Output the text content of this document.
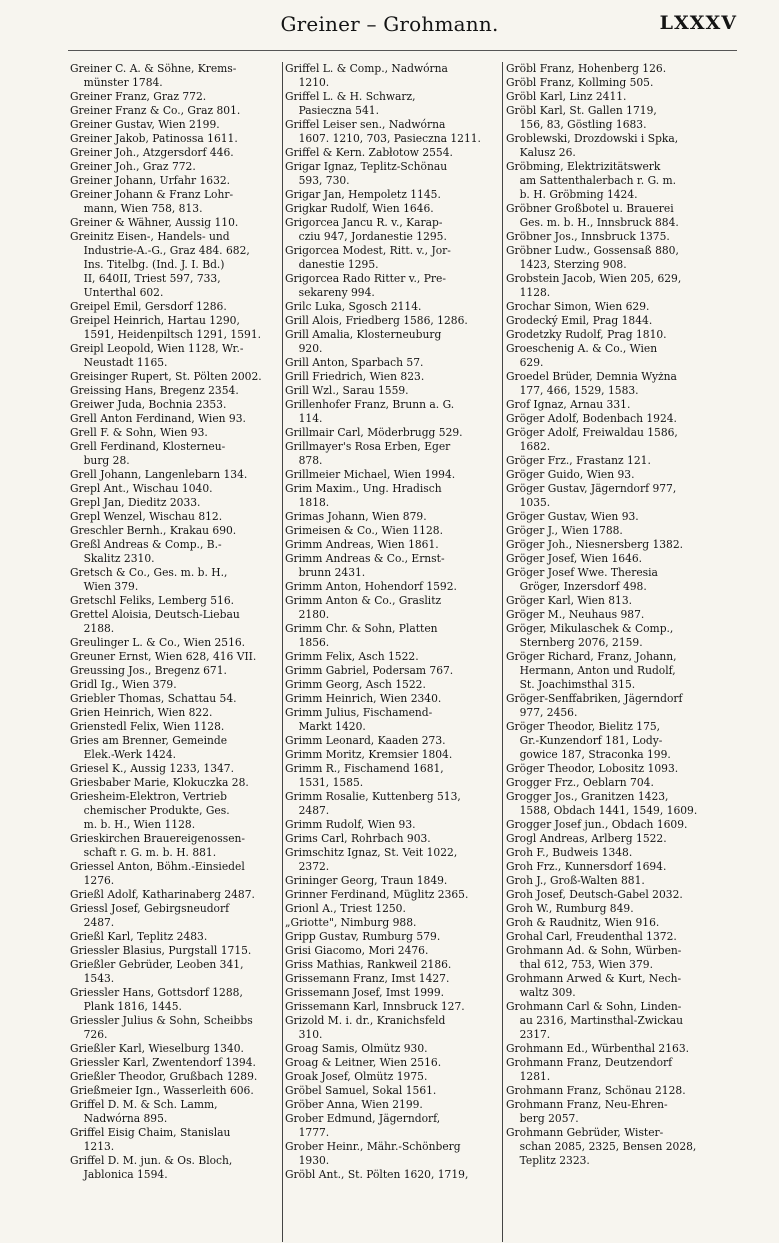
Greiner – Grohmann.	LXXXV
Greiner C. A. & Söhne, Krems-
münster 1784.
Greiner Franz, Graz 772.
Greiner Franz & Co., Graz 801.
Greiner Gustav, Wien 2199.
Greiner Jakob, Patinossa 1611.
Greiner Joh., Atzgersdorf 446.
Greiner Joh., Graz 772.
Greiner Johann, Urfahr 1632.
Greiner Johann & Franz Lohr-
mann, Wien 758, 813.
Greiner & Wähner, Aussig 110.
Greinitz Eisen-, Handels- und
Industrie-A.-G., Graz 484. 682,
Ins. Titelbg. (Ind. J. I. Bd.)
II, 640II, Triest 597, 733,
Unterthal 602.
Greipel Emil, Gersdorf 1286.
Greipel Heinrich, Hartau 1290,
1591, Heidenpiltsch 1291, 1591.
Greipl Leopold, Wien 1128, Wr.-
Neustadt 1165.
Greisinger Rupert, St. Pölten 2002.
Greissing Hans, Bregenz 2354.
Greiwer Juda, Bochnia 2353.
Grell Anton Ferdinand, Wien 93.
Grell F. & Sohn, Wien 93.
Grell Ferdinand, Klosterneu-
burg 28.
Grell Johann, Langenlebarn 134.
Grepl Ant., Wischau 1040.
Grepl Jan, Dieditz 2033.
Grepl Wenzel, Wischau 812.
Greschler Bernh., Krakau 690.
Greßl Andreas & Comp., B.-
Skalitz 2310.
Gretsch & Co., Ges. m. b. H.,
Wien 379.
Gretschl Feliks, Lemberg 516.
Grettel Aloisia, Deutsch-Liebau
2188.
Greulinger L. & Co., Wien 2516.
Greuner Ernst, Wien 628, 416 VII.
Greussing Jos., Bregenz 671.
Gridl Ig., Wien 379.
Griebler Thomas, Schattau 54.
Grien Heinrich, Wien 822.
Grienstedl Felix, Wien 1128.
Gries am Brenner, Gemeinde
Elek.-Werk 1424.
Griesel K., Aussig 1233, 1347.
Griesbaber Marie, Klokuczka 28.
Griesheim-Elektron, Vertrieb
chemischer Produkte, Ges.
m. b. H., Wien 1128.
Grieskirchen Brauereigenossen-
schaft r. G. m. b. H. 881.
Griessel Anton, Böhm.-Einsiedel
1276.
Grießl Adolf, Katharinaberg 2487.
Griessl Josef, Gebirgsneudorf
2487.
Grießl Karl, Teplitz 2483.
Griessler Blasius, Purgstall 1715.
Grießler Gebrüder, Leoben 341,
1543.
Griessler Hans, Gottsdorf 1288,
Plank 1816, 1445.
Griessler Julius & Sohn, Scheibbs
726.
Grießler Karl, Wieselburg 1340.
Griessler Karl, Zwentendorf 1394.
Grießler Theodor, Grußbach 1289.
Grießmeier Ign., Wasserleith 606.
Griffel D. M. & Sch. Lamm,
Nadwórna 895.
Griffel Eisig Chaim, Stanislau
1213.
Griffel D. M. jun. & Os. Bloch,
Jablonica 1594.
Griffel L. & Comp., Nadwórna
1210.
Griffel L. & H. Schwarz,
Pasieczna 541.
Griffel Leiser sen., Nadwórna
1607. 1210, 703, Pasieczna 1211.
Griffel & Kern. Zabłotow 2554.
Grigar Ignaz, Teplitz-Schönau
593, 730.
Grigar Jan, Hempoletz 1145.
Grigkar Rudolf, Wien 1646.
Grigorcea Jancu R. v., Karap-
cziu 947, Jordanestie 1295.
Grigorcea Modest, Ritt. v., Jor-
danestie 1295.
Grigorcea Rado Ritter v., Pre-
sekareny 994.
Grilc Luka, Sgosch 2114.
Grill Alois, Friedberg 1586, 1286.
Grill Amalia, Klosterneuburg
920.
Grill Anton, Sparbach 57.
Grill Friedrich, Wien 823.
Grill Wzl., Sarau 1559.
Grillenhofer Franz, Brunn a. G.
114.
Grillmair Carl, Möderbrugg 529.
Grillmayer's Rosa Erben, Eger
878.
Grillmeier Michael, Wien 1994.
Grim Maxim., Ung. Hradisch
1818.
Grimas Johann, Wien 879.
Grimeisen & Co., Wien 1128.
Grimm Andreas, Wien 1861.
Grimm Andreas & Co., Ernst-
brunn 2431.
Grimm Anton, Hohendorf 1592.
Grimm Anton & Co., Graslitz
2180.
Grimm Chr. & Sohn, Platten
1856.
Grimm Felix, Asch 1522.
Grimm Gabriel, Podersam 767.
Grimm Georg, Asch 1522.
Grimm Heinrich, Wien 2340.
Grimm Julius, Fischamend-
Markt 1420.
Grimm Leonard, Kaaden 273.
Grimm Moritz, Kremsier 1804.
Grimm R., Fischamend 1681,
1531, 1585.
Grimm Rosalie, Kuttenberg 513,
2487.
Grimm Rudolf, Wien 93.
Grims Carl, Rohrbach 903.
Grimschitz Ignaz, St. Veit 1022,
2372.
Grininger Georg, Traun 1849.
Grinner Ferdinand, Müglitz 2365.
Grionl A., Triest 1250.
„Griotte", Nimburg 988.
Gripp Gustav, Rumburg 579.
Grisi Giacomo, Mori 2476.
Griss Mathias, Rankweil 2186.
Grissemann Franz, Imst 1427.
Grissemann Josef, Imst 1999.
Grissemann Karl, Innsbruck 127.
Grizold M. i. dr., Kranichsfeld
310.
Groag Samis, Olmütz 930.
Groag & Leitner, Wien 2516.
Groak Josef, Olmütz 1975.
Gröbel Samuel, Sokal 1561.
Gröber Anna, Wien 2199.
Grober Edmund, Jägerndorf,
1777.
Grober Heinr., Mähr.-Schönberg
1930.
Gröbl Ant., St. Pölten 1620, 1719,
Gröbl Franz, Hohenberg 126.
Gröbl Franz, Kollming 505.
Gröbl Karl, Linz 2411.
Gröbl Karl, St. Gallen 1719,
156, 83, Göstling 1683.
Groblewski, Drozdowski i Spka,
Kalusz 26.
Gröbming, Elektrizitätswerk
am Sattenthalerbach r. G. m.
b. H. Gröbming 1424.
Gröbner Großbotel u. Brauerei
Ges. m. b. H., Innsbruck 884.
Gröbner Jos., Innsbruck 1375.
Gröbner Ludw., Gossensaß 880,
1423, Sterzing 908.
Grobstein Jacob, Wien 205, 629,
1128.
Grochar Simon, Wien 629.
Grodecký Emil, Prag 1844.
Grodetzky Rudolf, Prag 1810.
Groeschenig A. & Co., Wien
629.
Groedel Brüder, Demnia Wyżna
177, 466, 1529, 1583.
Grof Ignaz, Arnau 331.
Gröger Adolf, Bodenbach 1924.
Gröger Adolf, Freiwaldau 1586,
1682.
Gröger Frz., Frastanz 121.
Gröger Guido, Wien 93.
Gröger Gustav, Jägerndorf 977,
1035.
Gröger Gustav, Wien 93.
Gröger J., Wien 1788.
Gröger Joh., Niesnersberg 1382.
Gröger Josef, Wien 1646.
Gröger Josef Wwe. Theresia
Gröger, Inzersdorf 498.
Gröger Karl, Wien 813.
Gröger M., Neuhaus 987.
Gröger, Mikulaschek & Comp.,
Sternberg 2076, 2159.
Gröger Richard, Franz, Johann,
Hermann, Anton und Rudolf,
St. Joachimsthal 315.
Gröger-Senffabriken, Jägerndorf
977, 2456.
Gröger Theodor, Bielitz 175,
Gr.-Kunzendorf 181, Lody-
gowice 187, Straconka 199.
Gröger Theodor, Lobositz 1093.
Grogger Frz., Oeblarn 704.
Grogger Jos., Granitzen 1423,
1588, Obdach 1441, 1549, 1609.
Grogger Josef jun., Obdach 1609.
Grogl Andreas, Arlberg 1522.
Groh F., Budweis 1348.
Groh Frz., Kunnersdorf 1694.
Groh J., Groß-Walten 881.
Groh Josef, Deutsch-Gabel 2032.
Groh W., Rumburg 849.
Groh & Raudnitz, Wien 916.
Grohal Carl, Freudenthal 1372.
Grohmann Ad. & Sohn, Würben-
thal 612, 753, Wien 379.
Grohmann Arwed & Kurt, Nech-
waltz 309.
Grohmann Carl & Sohn, Linden-
au 2316, Martinsthal-Zwickau
2317.
Grohmann Ed., Würbenthal 2163.
Grohmann Franz, Deutzendorf
1281.
Grohmann Franz, Schönau 2128.
Grohmann Franz, Neu-Ehren-
berg 2057.
Grohmann Gebrüder, Wister-
schan 2085, 2325, Bensen 2028,
Teplitz 2323.
